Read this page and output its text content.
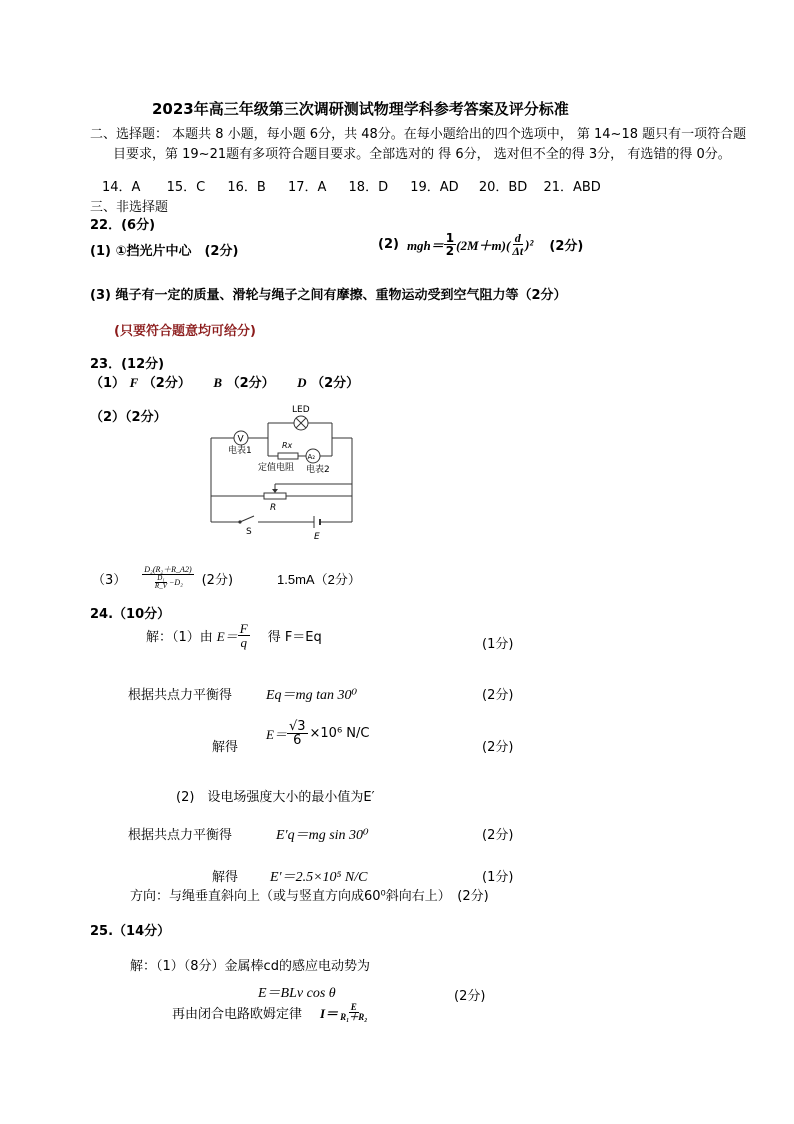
2023年高三年级第三次调研测试物理学科参考答案及评分标准
二、选择题： 本题共 8 小题，每小题 6分，共 48分。在每小题给出的四个选项中， 第 14~18 题只有一项符合题
目要求，第 19~21题有多项符合题目要求。全部选对的 得 6分， 选对但不全的得 3分， 有选错的得 0分。
14．A 15．C 16．B 17．A 18．D 19．AD 20．BD 21．ABD
三、非选择题
22．(6分)
(1) ①挡光片中心　(2分)	(2) $mgh= \frac{1}{2} (2M+m)( \frac{d}{\Delta t} )^2$ (2分)
(3) 绳子有一定的质量、滑轮与绳子之间有摩擦、重物运动受到空气阻力等（2分）
(只要符合题意均可给分)
23．(12分)
（1） F （2分） B （2分） D （2分）
（2）（2分）	LED
V
电表1
Rx
定值电阻
A₂
电表2
R
S	E
$(3) \frac{\text{D₂(R₂＋R\_A2)}}{\frac{\text{D₁}}{R\_V} -D_2} (2$分)	1.5mA（2分）
24.（10分）
解：（1）由 $E= \frac{F}{q}$ 得 F＝Eq	(1分)
根据共点力平衡得 Eq＝mg tan 30⁰	(2分)
解得
$E= \frac{√3}{6} \times 10^6$ N/C
(2分)
(2)　设电场强度大小的最小值为E′
根据共点力平衡得	E′q＝mg sin 30⁰	(2分)
解得 E′＝2.5×10⁵ N/C	(1分)
方向：与绳垂直斜向上（或与竖直方向成60⁰斜向右上）　(2分)
25.（14分）
解：（1）（8分）金属棒cd的感应电动势为
E＝BLv cos θ	(2分)
再由闭合电路欧姆定律 $I= \frac{E}{\text{R₁＋R₂}}$
